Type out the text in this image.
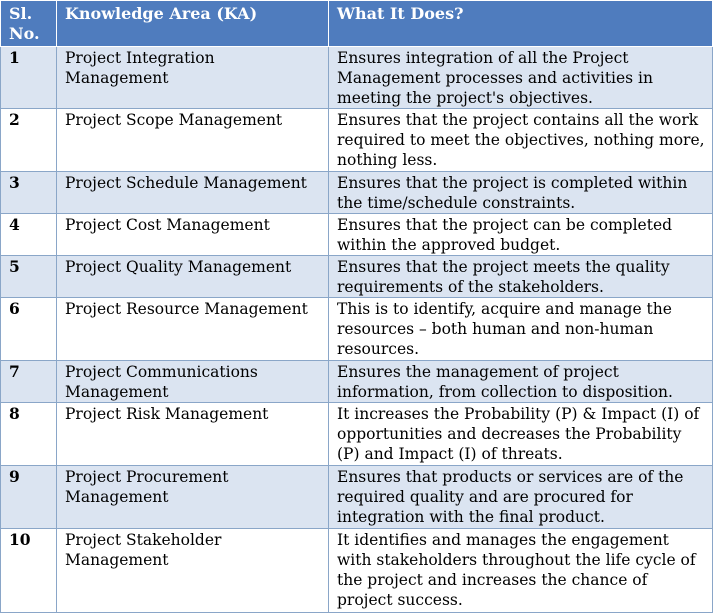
Sl. No.	Knowledge Area (KA)	What It Does?
1	Project Integration Management	Ensures integration of all the Project Management processes and activities in meeting the project's objectives.
2	Project Scope Management	Ensures that the project contains all the work required to meet the objectives, nothing more, nothing less.
3	Project Schedule Management	Ensures that the project is completed within the time/schedule constraints.
4	Project Cost Management	Ensures that the project can be completed within the approved budget.
5	Project Quality Management	Ensures that the project meets the quality requirements of the stakeholders.
6	Project Resource Management	This is to identify, acquire and manage the resources – both human and non-human resources.
7	Project Communications Management	Ensures the management of project information, from collection to disposition.
8	Project Risk Management	It increases the Probability (P) & Impact (I) of opportunities and decreases the Probability (P) and Impact (I) of threats.
9	Project Procurement Management	Ensures that products or services are of the required quality and are procured for integration with the final product.
10	Project Stakeholder Management	It identifies and manages the engagement with stakeholders throughout the life cycle of the project and increases the chance of project success.
